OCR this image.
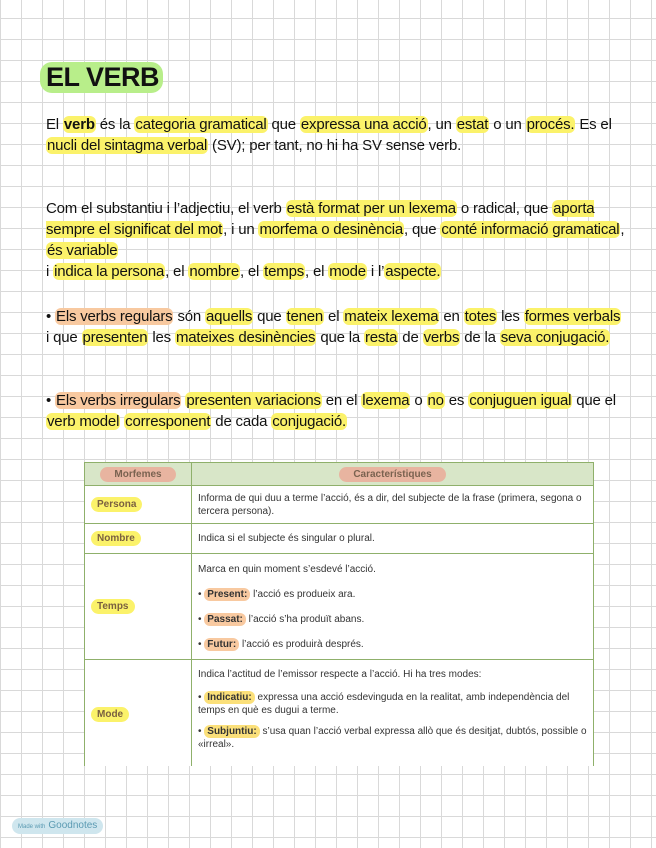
EL VERB

El verb és la categoria gramatical que expressa una acció, un estat o un procés. Es el nucli del sintagma verbal (SV); per tant, no hi ha SV sense verb.

Com el substantiu i l’adjectiu, el verb està format per un lexema o radical, que aporta sempre el significat del mot, i un morfema o desinència, que conté informació gramatical, és variable
i indica la persona, el nombre, el temps, el mode i l’aspecte.

• Els verbs regulars són aquells que tenen el mateix lexema en totes les formes verbals i que presenten les mateixes desinències que la resta de verbs de la seva conjugació.

• Els verbs irregulars presenten variacions en el lexema o no es conjuguen igual que el verb model corresponent de cada conjugació.

Morfemes	Característiques
Persona	Informa de qui duu a terme l’acció, és a dir, del subjecte de la frase (primera, segona o tercera persona).
Nombre	Indica si el subjecte és singular o plural.
Temps	Marca en quin moment s’esdevé l’acció.

• Present: l’acció es produeix ara.

• Passat: l’acció s’ha produït abans.

• Futur: l’acció es produirà després.

Mode	Indica l’actitud de l’emissor respecte a l’acció. Hi ha tres modes:

• Indicatiu: expressa una acció esdevinguda en la realitat, amb independència del temps en què es dugui a terme.

• Subjuntiu: s’usa quan l’acció verbal expressa allò que és desitjat, dubtós, possible o «irreal».

Made with Goodnotes
